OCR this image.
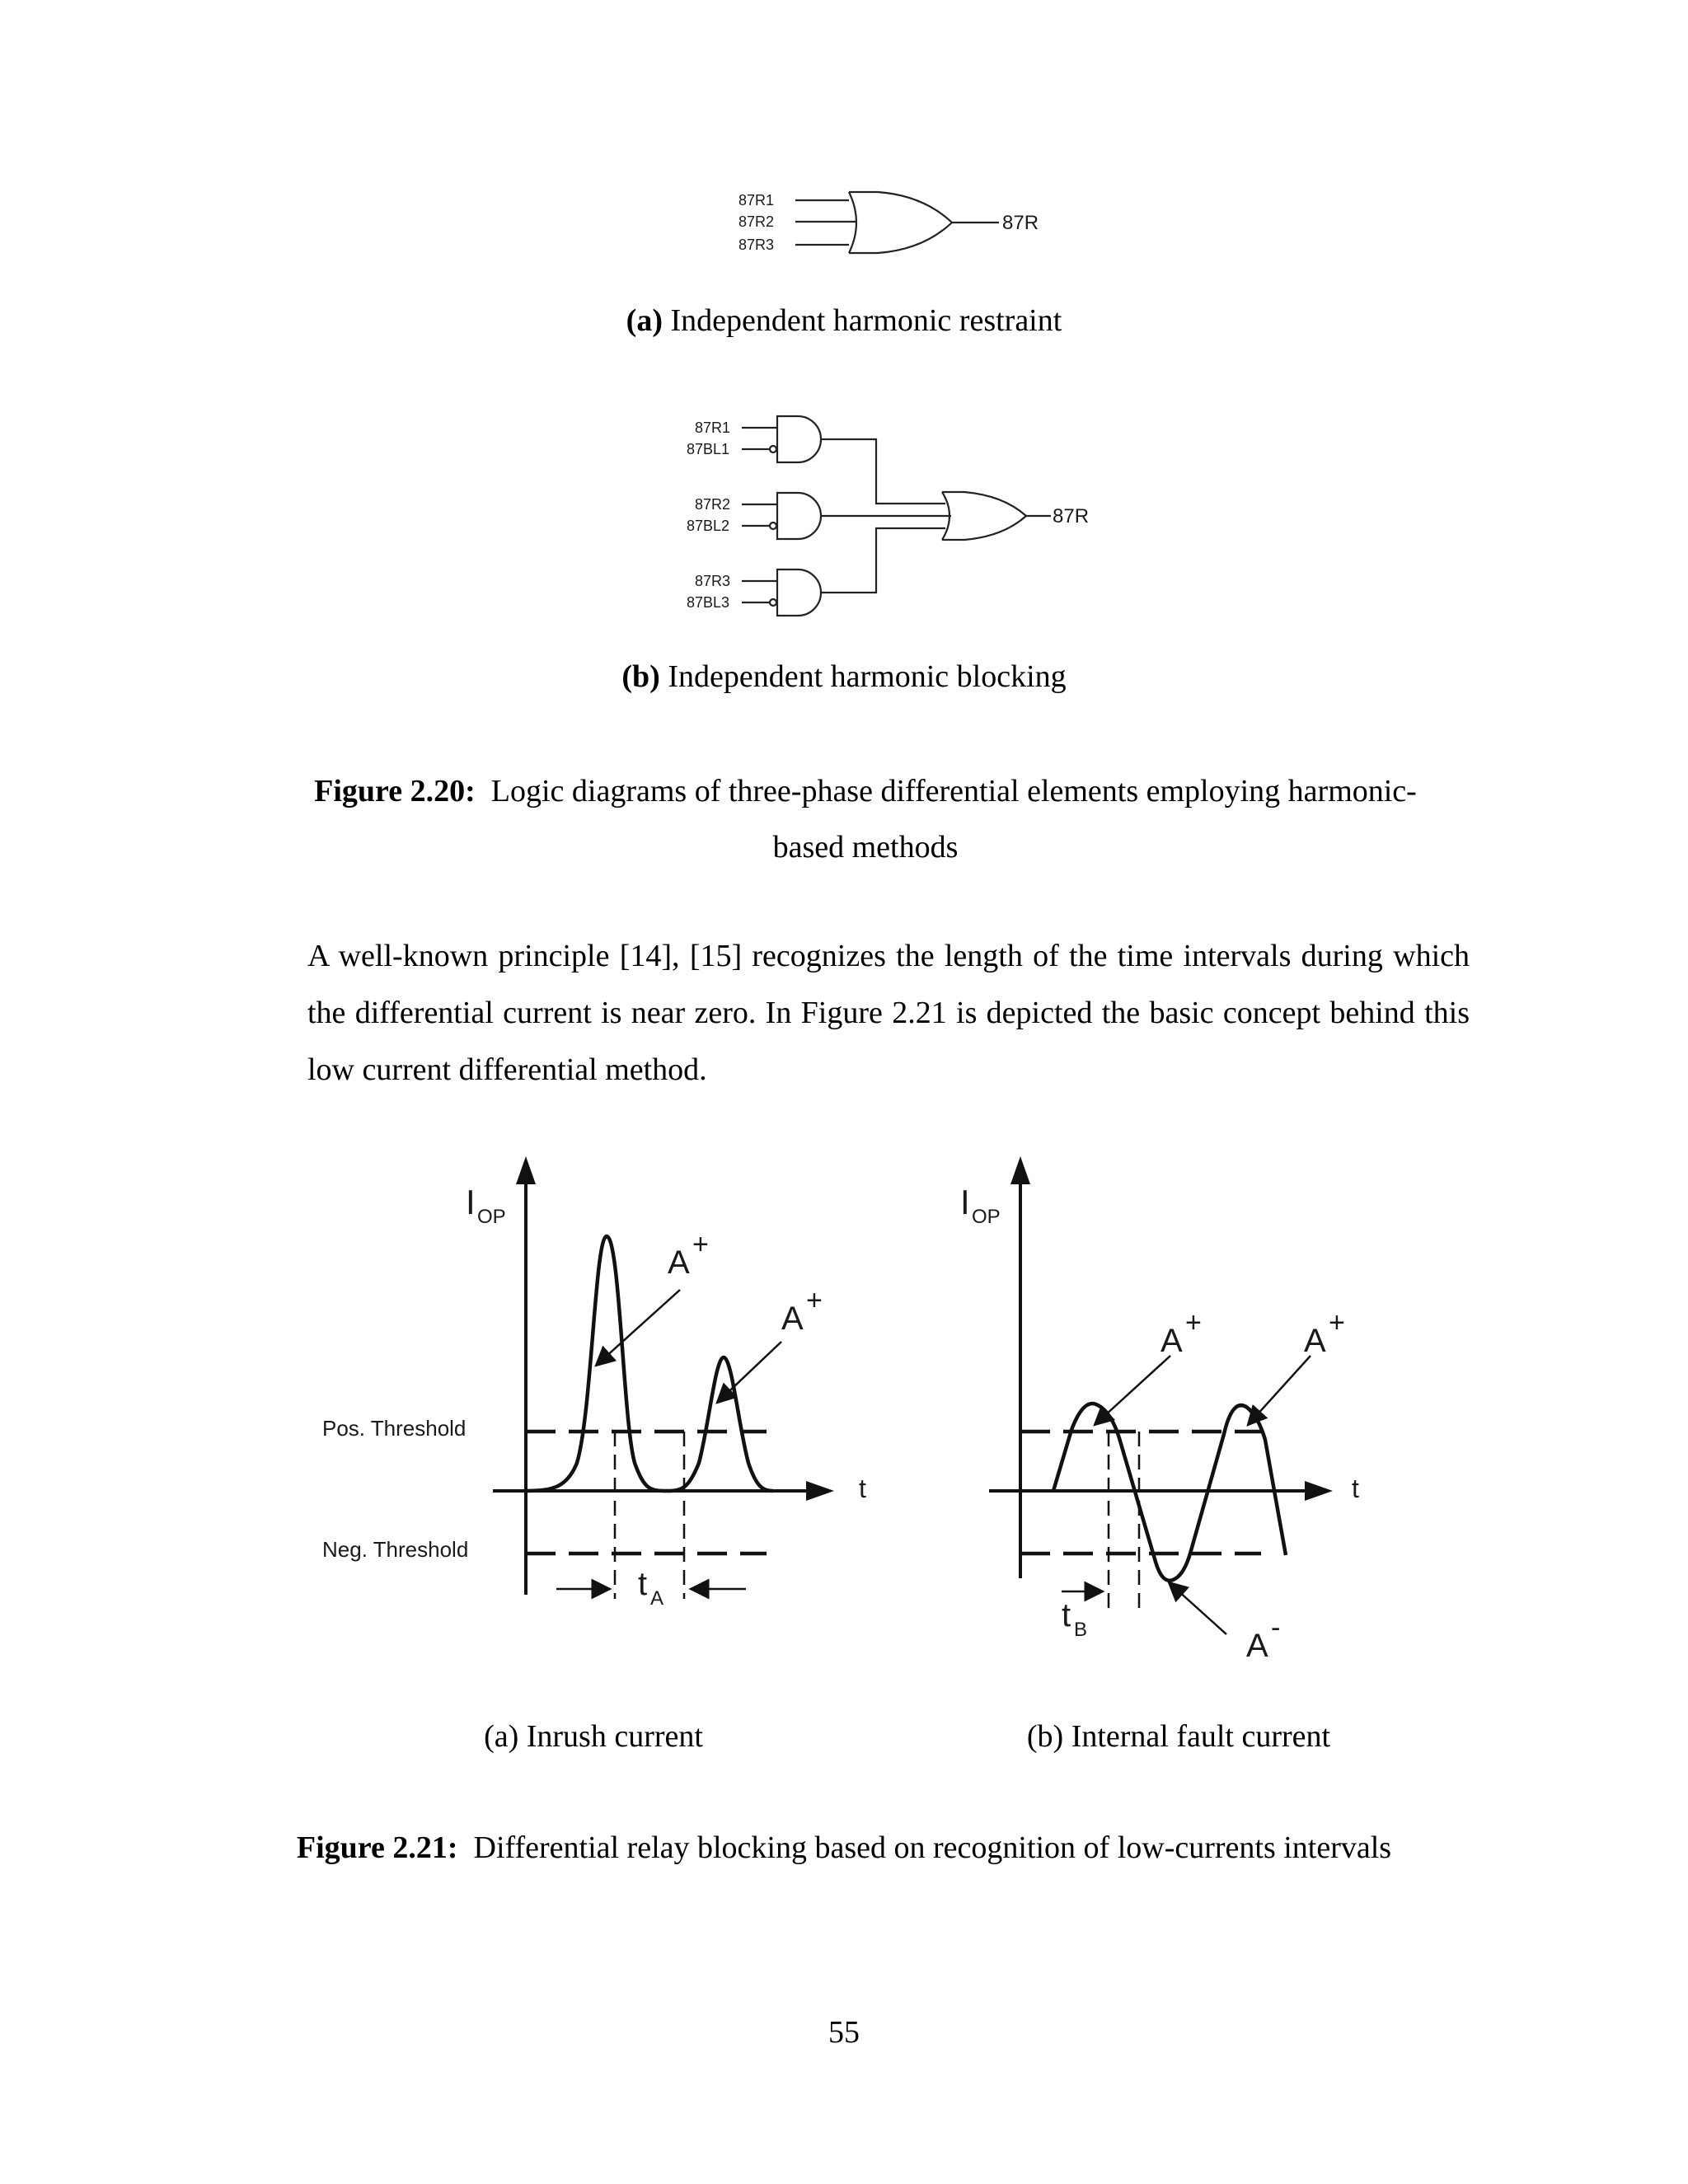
87R1
87R2
87R3
87R
(a) Independent harmonic restraint
87R1
87BL1
87R2
87BL2
87R3
87BL3
87R
(b) Independent harmonic blocking
Figure 2.20:  Logic diagrams of three-phase differential elements employing harmonic-
based methods
A well-known principle [14], [15] recognizes the length of the time intervals during which the differential current is near zero. In Figure 2.21 is depicted the basic concept behind this low current differential method.
I OP
t
Pos. Threshold
Neg. Threshold
A +
A +
t A
I OP
t
A +	A +
A -
t B
(a) Inrush current	(b) Internal fault current
Figure 2.21:  Differential relay blocking based on recognition of low-currents intervals
55
